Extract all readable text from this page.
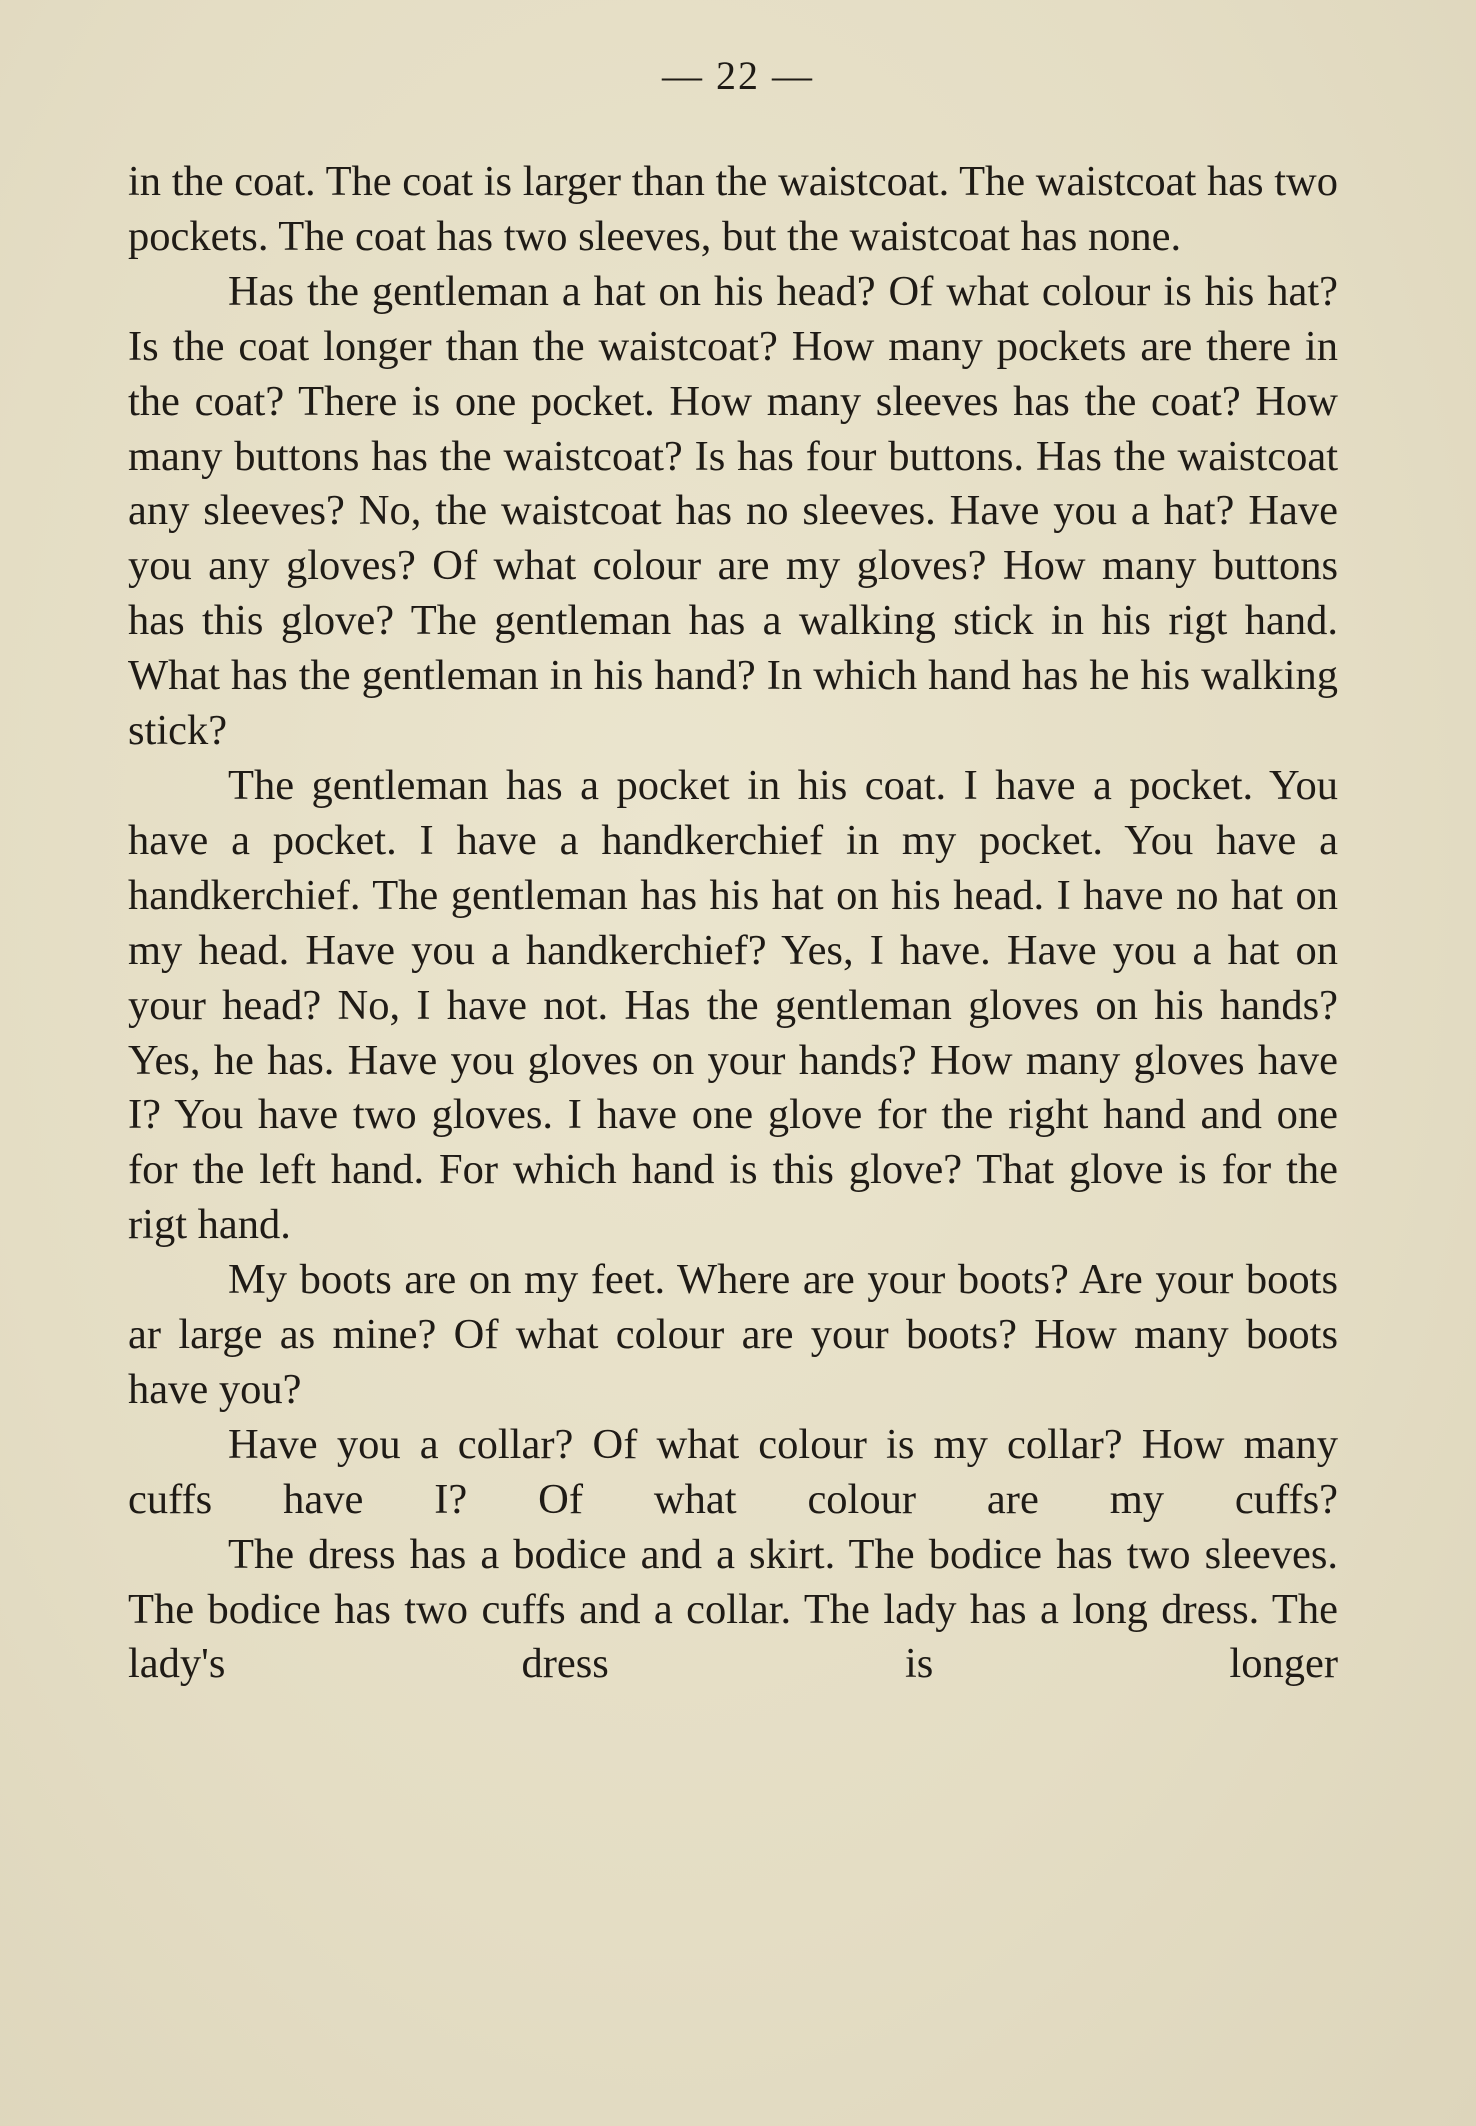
— 22 —

in the coat. The coat is larger than the waistcoat. The waistcoat has two pockets. The coat has two sleeves, but the waistcoat has none.

Has the gentleman a hat on his head? Of what colour is his hat? Is the coat longer than the waistcoat? How many pockets are there in the coat? There is one pocket. How many sleeves has the coat? How many buttons has the waistcoat? Is has four buttons. Has the waistcoat any sleeves? No, the waistcoat has no sleeves. Have you a hat? Have you any gloves? Of what colour are my gloves? How many buttons has this glove? The gentleman has a walking stick in his rigt hand. What has the gentleman in his hand? In which hand has he his walking stick?

The gentleman has a pocket in his coat. I have a pocket. You have a pocket. I have a handkerchief in my pocket. You have a handkerchief. The gentleman has his hat on his head. I have no hat on my head. Have you a handkerchief? Yes, I have. Have you a hat on your head? No, I have not. Has the gentleman gloves on his hands? Yes, he has. Have you gloves on your hands? How many gloves have I? You have two gloves. I have one glove for the right hand and one for the left hand. For which hand is this glove? That glove is for the rigt hand.

My boots are on my feet. Where are your boots? Are your boots ar large as mine? Of what colour are your boots? How many boots have you?

Have you a collar? Of what colour is my collar? How many cuffs have I? Of what colour are my cuffs?

The dress has a bodice and a skirt. The bodice has two sleeves. The bodice has two cuffs and a collar. The lady has a long dress. The lady's dress is longer
